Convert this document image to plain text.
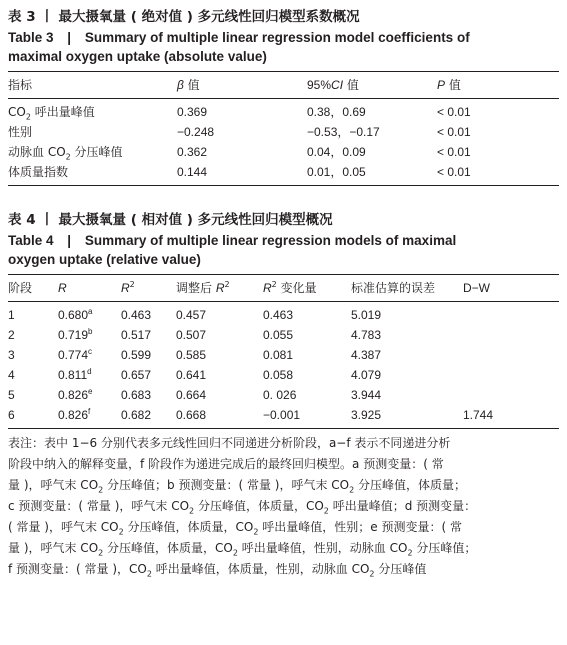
表 3 丨 最大摄氧量 ( 绝对值 ) 多元线性回归模型系数概况
Table 3 | Summary of multiple linear regression model coefficients of
maximal oxygen uptake (absolute value)
指标	β 值	95%CI 值	P 值
$CO_2$ 呼出量峰值	0.369	0.38，0.69	< 0.01
性别	−0.248	−0.53，−0.17	< 0.01
动脉血 $CO_2$ 分压峰值	0.362	0.04，0.09	< 0.01
体质量指数	0.144	0.01，0.05	< 0.01
表 4 丨 最大摄氧量 ( 相对值 ) 多元线性回归模型概况
Table 4 | Summary of multiple linear regression models of maximal
oxygen uptake (relative value)
阶段	R	$R^2$	调整后 $R^2$	$R^2$ 变化量	标准估算的误差	D−W
1	0.680$^a$	0.463	0.457	0.463	5.019	
2	0.719$^b$	0.517	0.507	0.055	4.783	
3	0.774$^c$	0.599	0.585	0.081	4.387	
4	0.811$^d$	0.657	0.641	0.058	4.079	
5	0.826e	0.683	0.664	0. 026	3.944	
6	0.826$^f$	0.682	0.668	−0.001	3.925	1.744
表注：表中 1−6 分别代表多元线性回归不同递进分析阶段，a−f 表示不同递进分析
阶段中纳入的解释变量，f 阶段作为递进完成后的最终回归模型。a 预测变量：( 常
量 )，呼气末 $CO_2$ 分压峰值；b 预测变量：( 常量 )，呼气末 $CO_2$ 分压峰值，体质量；
c 预测变量：( 常量 )，呼气末 $CO_2$ 分压峰值，体质量，$CO_2$ 呼出量峰值；d 预测变量：
( 常量 )，呼气末 $CO_2$ 分压峰值，体质量，$CO_2$ 呼出量峰值，性别；e 预测变量：( 常
量 )，呼气末 $CO_2$ 分压峰值，体质量，$CO_2$ 呼出量峰值，性别，动脉血 $CO_2$ 分压峰值；
f 预测变量：( 常量 )，$CO_2$ 呼出量峰值，体质量，性别，动脉血 $CO_2$ 分压峰值
